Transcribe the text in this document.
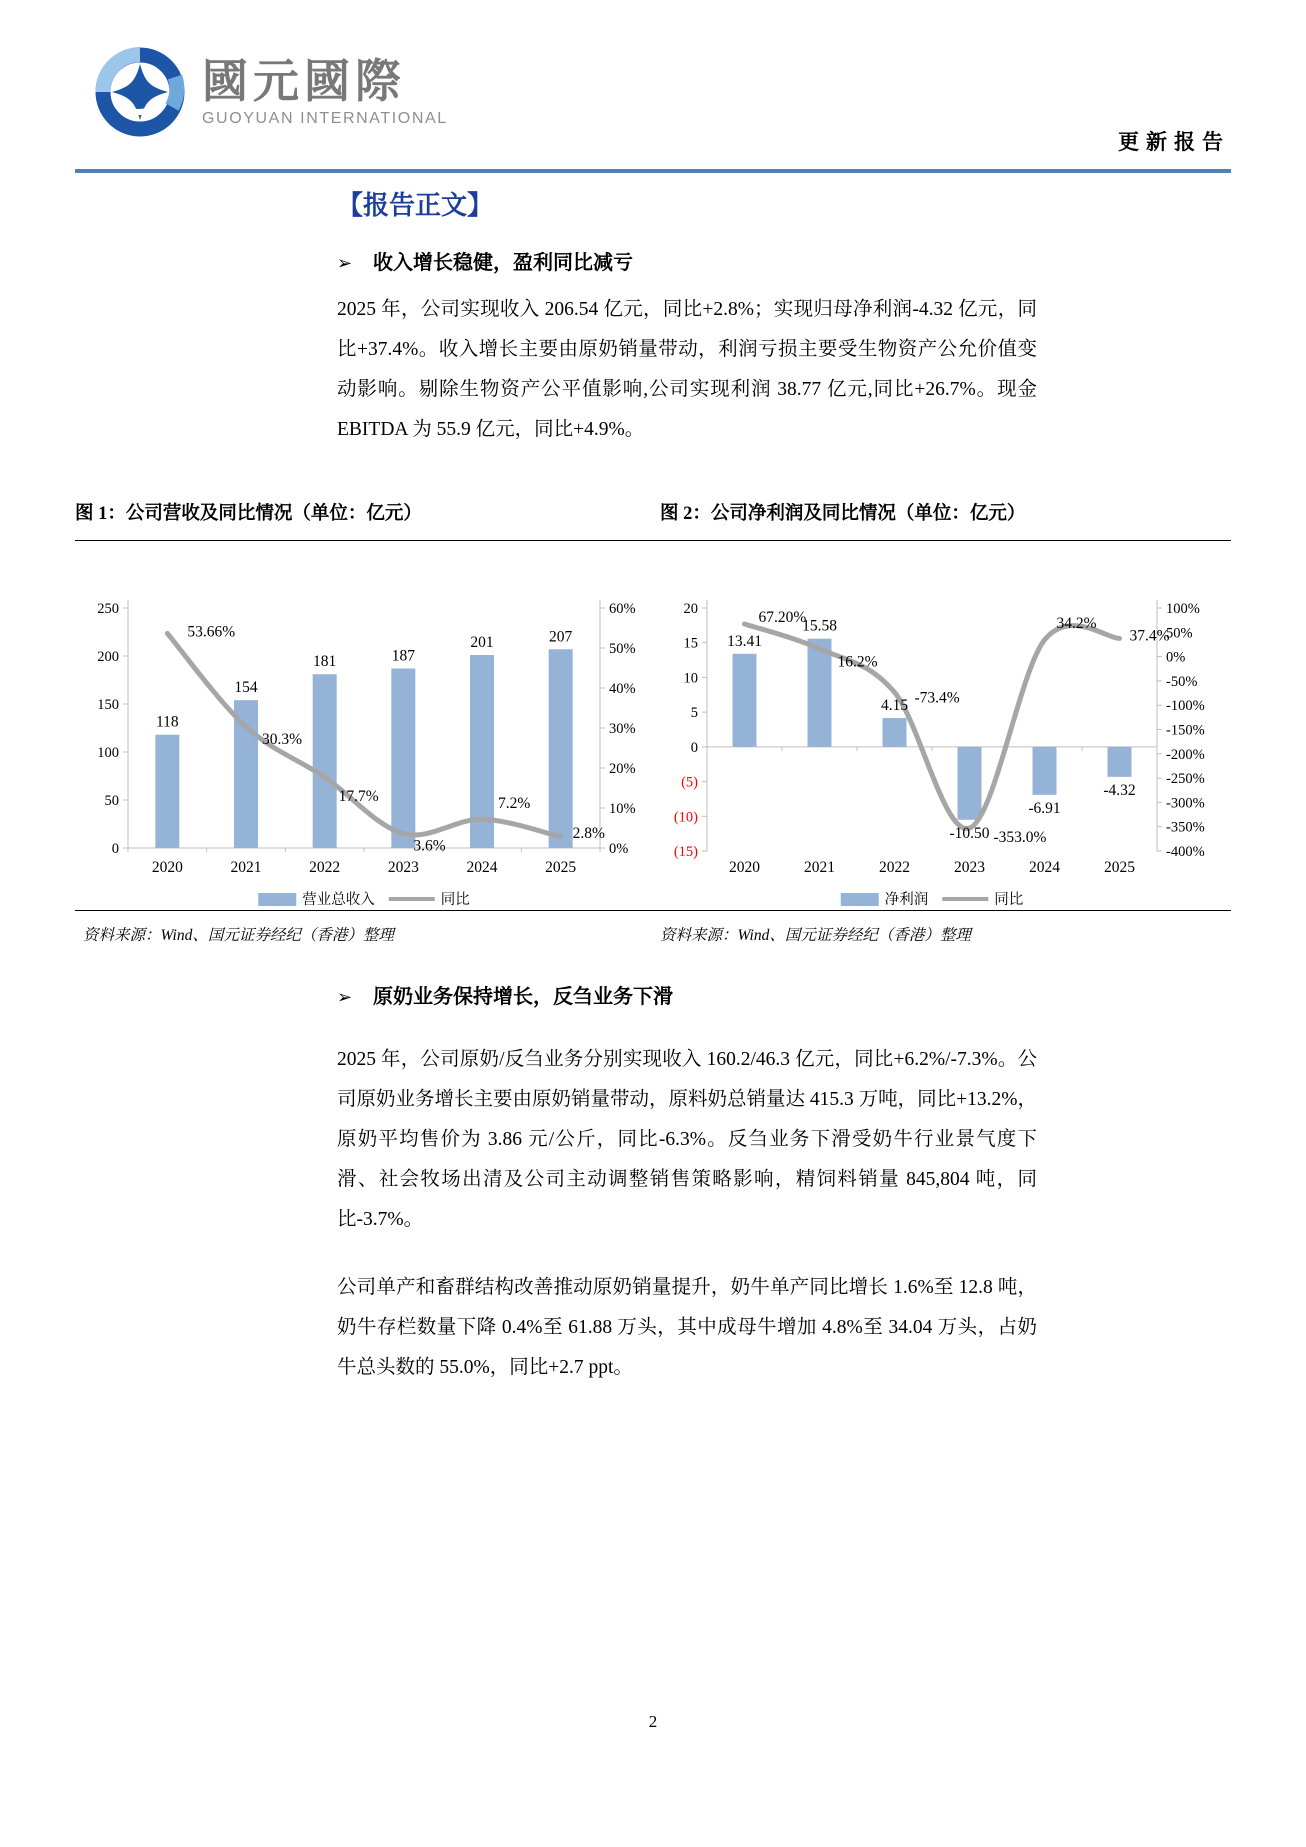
國元國際
GUOYUAN INTERNATIONAL
更新报告
【报告正文】
➢ 收入增长稳健，盈利同比减亏
2025 年，公司实现收入 206.54 亿元，同比+2.8%；实现归母净利润-4.32 亿元，同比+37.4%。收入增长主要由原奶销量带动，利润亏损主要受生物资产公允价值变动影响。剔除生物资产公平值影响,公司实现利润 38.77 亿元,同比+26.7%。现金 EBITDA 为 55.9 亿元，同比+4.9%。
图 1：公司营收及同比情况（单位：亿元）	图 2：公司净利润及同比情况（单位：亿元）
250
200
150
100
50
0
60%
50%
40%
30%
20%
10%
0%
2020	2021	2022	2023	2024	2025
118
154
181	187
201	207
53.66%
30.3%
17.7%
3.6%
7.2%
2.8%
营业总收入	同比
20
15
10
5
0
(5)
(10)
(15)
100%
50%
0%
-50%
-100%
-150%
-200%
-250%
-300%
-350%
-400%
2020	2021	2022	2023	2024	2025
13.41
15.58
4.15
-10.50
-6.91
-4.32
67.20%
16.2%
-73.4%
-353.0%
34.2%
37.4%
净利润	同比
资料来源：Wind、国元证券经纪（香港）整理	资料来源：Wind、国元证券经纪（香港）整理
➢ 原奶业务保持增长，反刍业务下滑
2025 年，公司原奶/反刍业务分别实现收入 160.2/46.3 亿元，同比+6.2%/-7.3%。公司原奶业务增长主要由原奶销量带动，原料奶总销量达 415.3 万吨，同比+13.2%，原奶平均售价为 3.86 元/公斤，同比-6.3%。反刍业务下滑受奶牛行业景气度下滑、社会牧场出清及公司主动调整销售策略影响，精饲料销量 845,804 吨，同比-3.7%。
公司单产和畜群结构改善推动原奶销量提升，奶牛单产同比增长 1.6%至 12.8 吨，奶牛存栏数量下降 0.4%至 61.88 万头，其中成母牛增加 4.8%至 34.04 万头，占奶牛总头数的 55.0%，同比+2.7 ppt。
2
